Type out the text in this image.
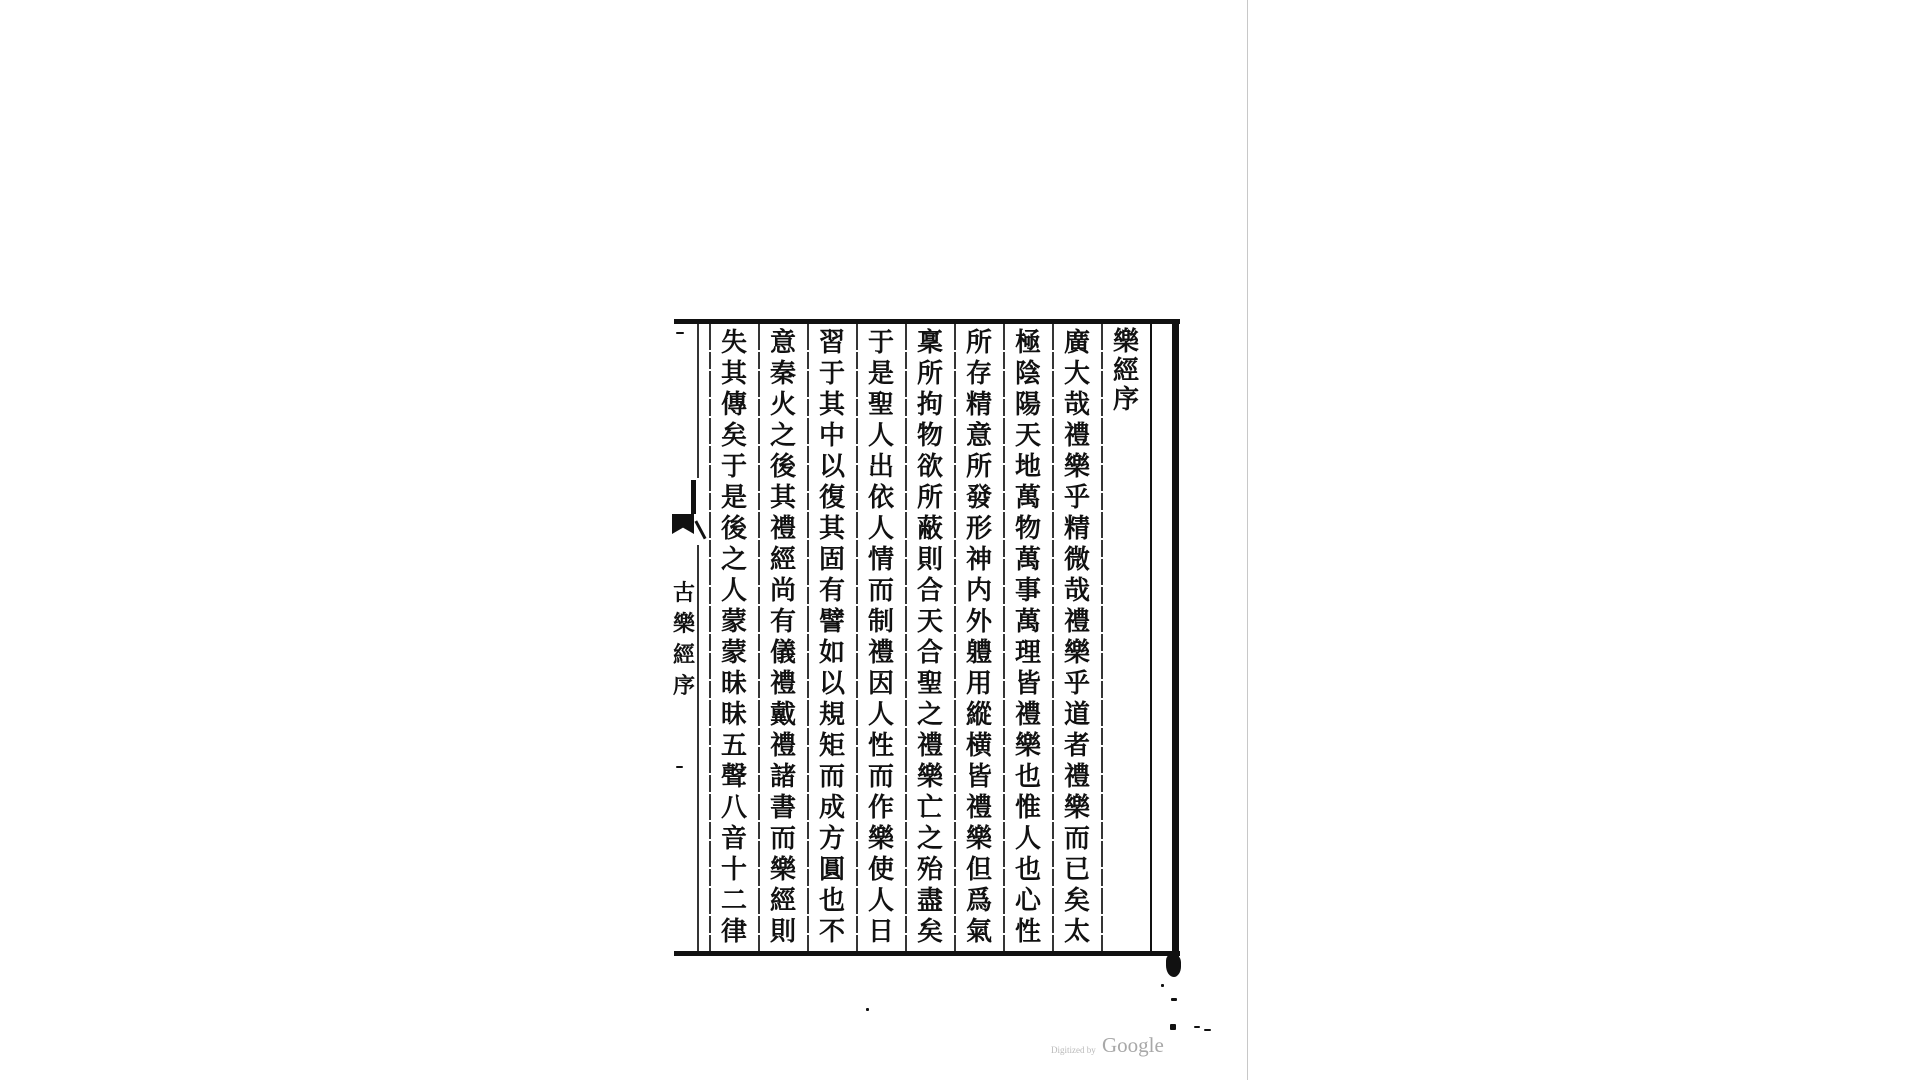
樂
經
序
廣
大
哉
禮
樂
乎
精
微
哉
禮
樂
乎
道
者
禮
樂
而
已
矣
太
極
陰
陽
天
地
萬
物
萬
事
萬
理
皆
禮
樂
也
惟
人
也
心
性
所
存
精
意
所
發
形
神
内
外
軆
用
縱
横
皆
禮
樂
但
爲
氣
稟
所
拘
物
欲
所
蔽
則
合
天
合
聖
之
禮
樂
亡
之
殆
盡
矣
于
是
聖
人
出
依
人
情
而
制
禮
因
人
性
而
作
樂
使
人
日
習
于
其
中
以
復
其
固
有
譬
如
以
規
矩
而
成
方
圓
也
不
意
秦
火
之
後
其
禮
經
尚
有
儀
禮
戴
禮
諸
書
而
樂
經
則
失
其
傳
矣
于
是
後
之
人
蒙
蒙
昧
昧
五
聲
八
音
十
二
律
古
樂
經
序
Digitized by Google
